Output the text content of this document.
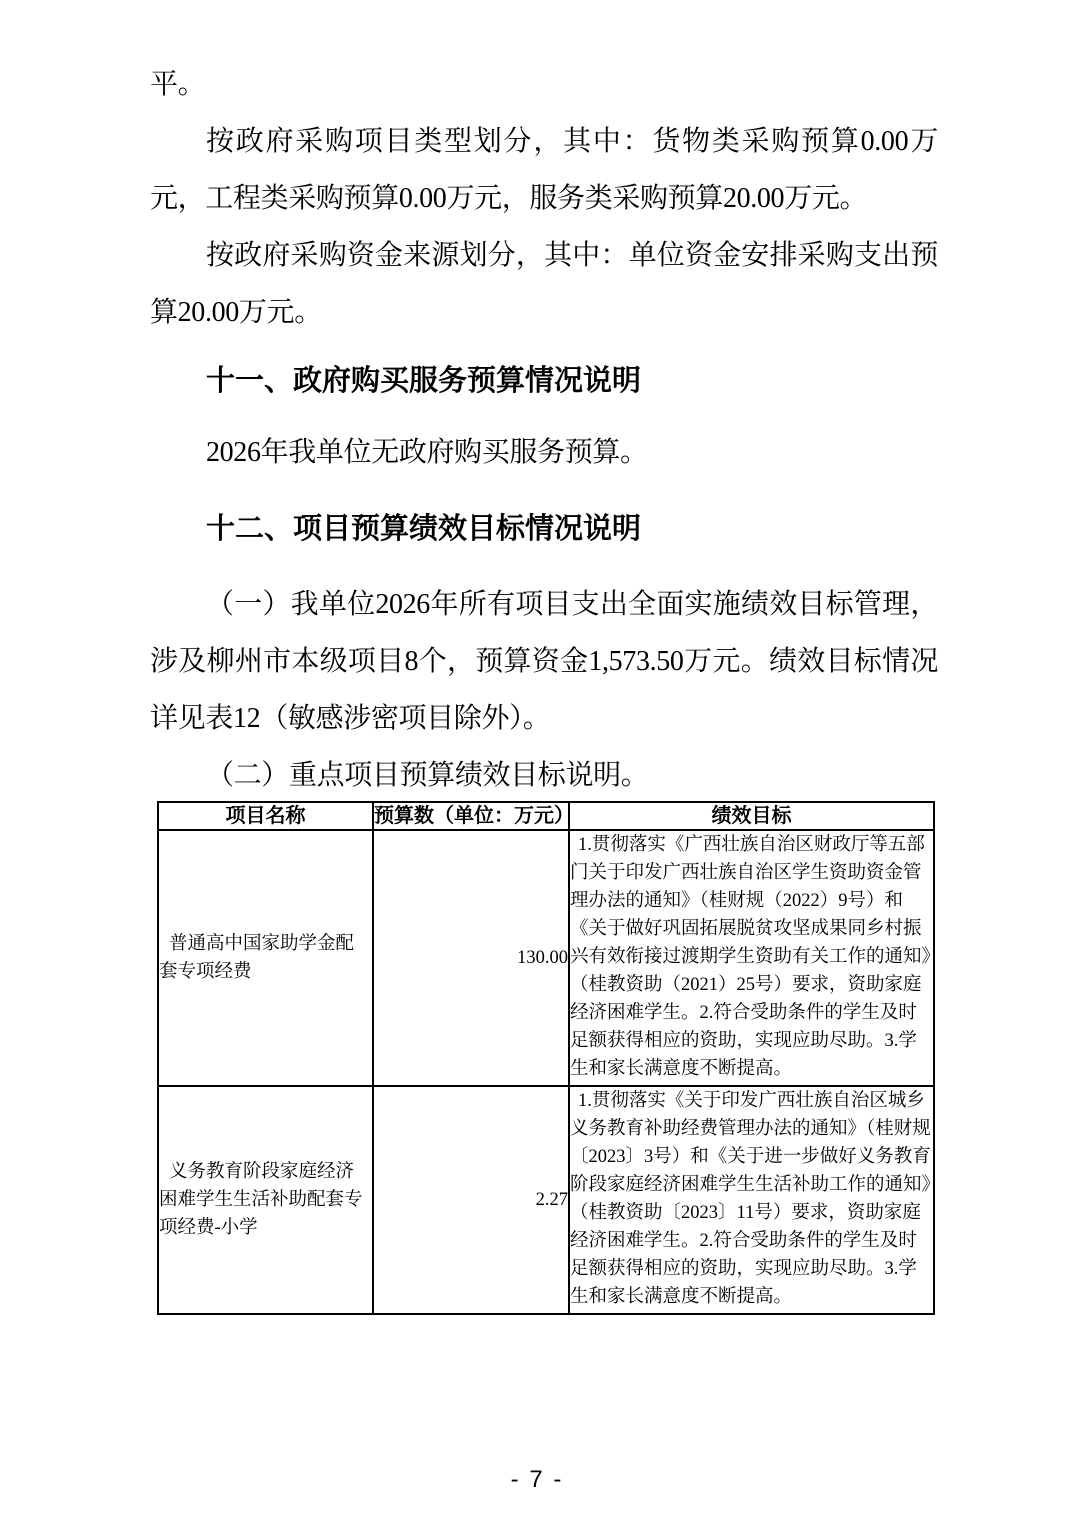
平。

按政府采购项目类型划分，其中：货物类采购预算0.00万元，工程类采购预算0.00万元，服务类采购预算20.00万元。

按政府采购资金来源划分，其中：单位资金安排采购支出预算20.00万元。

十一、政府购买服务预算情况说明

2026年我单位无政府购买服务预算。

十二、项目预算绩效目标情况说明

（一）我单位2026年所有项目支出全面实施绩效目标管理，涉及柳州市本级项目8个，预算资金1,573.50万元。绩效目标情况详见表12（敏感涉密项目除外）。

（二）重点项目预算绩效目标说明。

项目名称	预算数（单位：万元）	绩效目标
普通高中国家助学金配套专项经费	130.00	1.贯彻落实《广西壮族自治区财政厅等五部门关于印发广西壮族自治区学生资助资金管理办法的通知》（桂财规（2022）9号）和《关于做好巩固拓展脱贫攻坚成果同乡村振兴有效衔接过渡期学生资助有关工作的通知》（桂教资助（2021）25号）要求，资助家庭经济困难学生。2.符合受助条件的学生及时足额获得相应的资助，实现应助尽助。3.学生和家长满意度不断提高。
义务教育阶段家庭经济困难学生生活补助配套专项经费-小学	2.27	1.贯彻落实《关于印发广西壮族自治区城乡义务教育补助经费管理办法的通知》（桂财规〔2023〕3号）和《关于进一步做好义务教育阶段家庭经济困难学生生活补助工作的通知》（桂教资助〔2023〕11号）要求，资助家庭经济困难学生。2.符合受助条件的学生及时足额获得相应的资助，实现应助尽助。3.学生和家长满意度不断提高。
- 7 -
